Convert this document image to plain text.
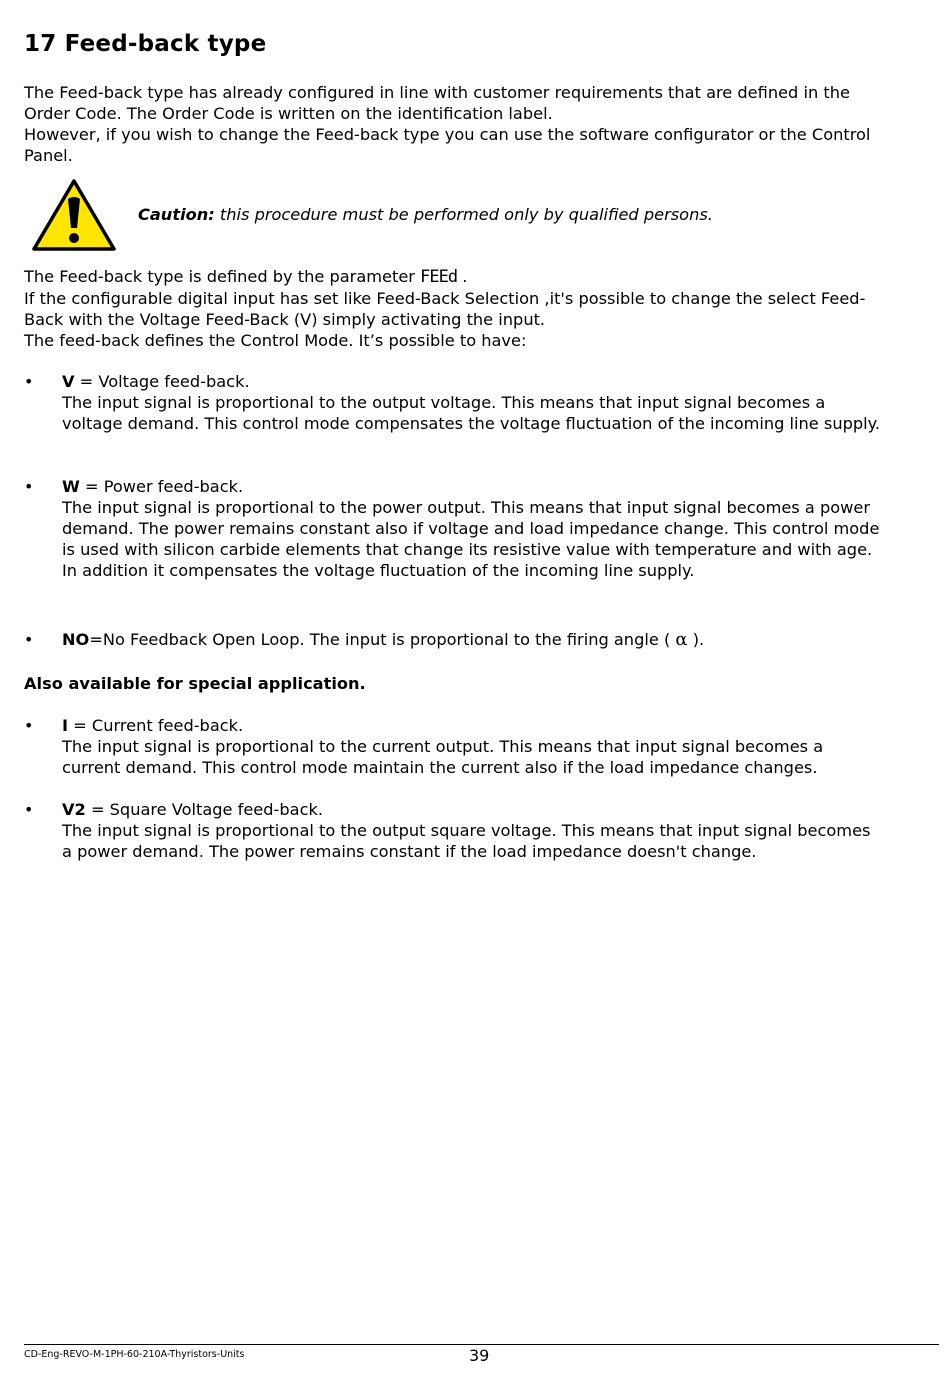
17 Feed-back type

The Feed-back type has already configured in line with customer requirements that are defined in the

Order Code. The Order Code is written on the identification label.

However, if you wish to change the Feed-back type you can use the software configurator or the Control

Panel.

Caution: this procedure must be performed only by qualified persons.

The Feed-back type is defined by the parameter FEEd .

If the configurable digital input has set like Feed-Back Selection ,it's possible to change the select Feed-

Back with the Voltage Feed-Back (V) simply activating the input.

The feed-back defines the Control Mode. It’s possible to have:

• V = Voltage feed-back.

The input signal is proportional to the output voltage. This means that input signal becomes a

voltage demand. This control mode compensates the voltage fluctuation of the incoming line supply.

• W = Power feed-back.

The input signal is proportional to the power output. This means that input signal becomes a power

demand. The power remains constant also if voltage and load impedance change. This control mode

is used with silicon carbide elements that change its resistive value with temperature and with age.

In addition it compensates the voltage fluctuation of the incoming line supply.

• NO=No Feedback Open Loop. The input is proportional to the firing angle ( α ).

Also available for special application.
• I = Current feed-back.

The input signal is proportional to the current output. This means that input signal becomes a

current demand. This control mode maintain the current also if the load impedance changes.

• V2 = Square Voltage feed-back.

The input signal is proportional to the output square voltage. This means that input signal becomes

a power demand. The power remains constant if the load impedance doesn't change.

CD-Eng-REVO-M-1PH-60-210A-Thyristors-Units	39
